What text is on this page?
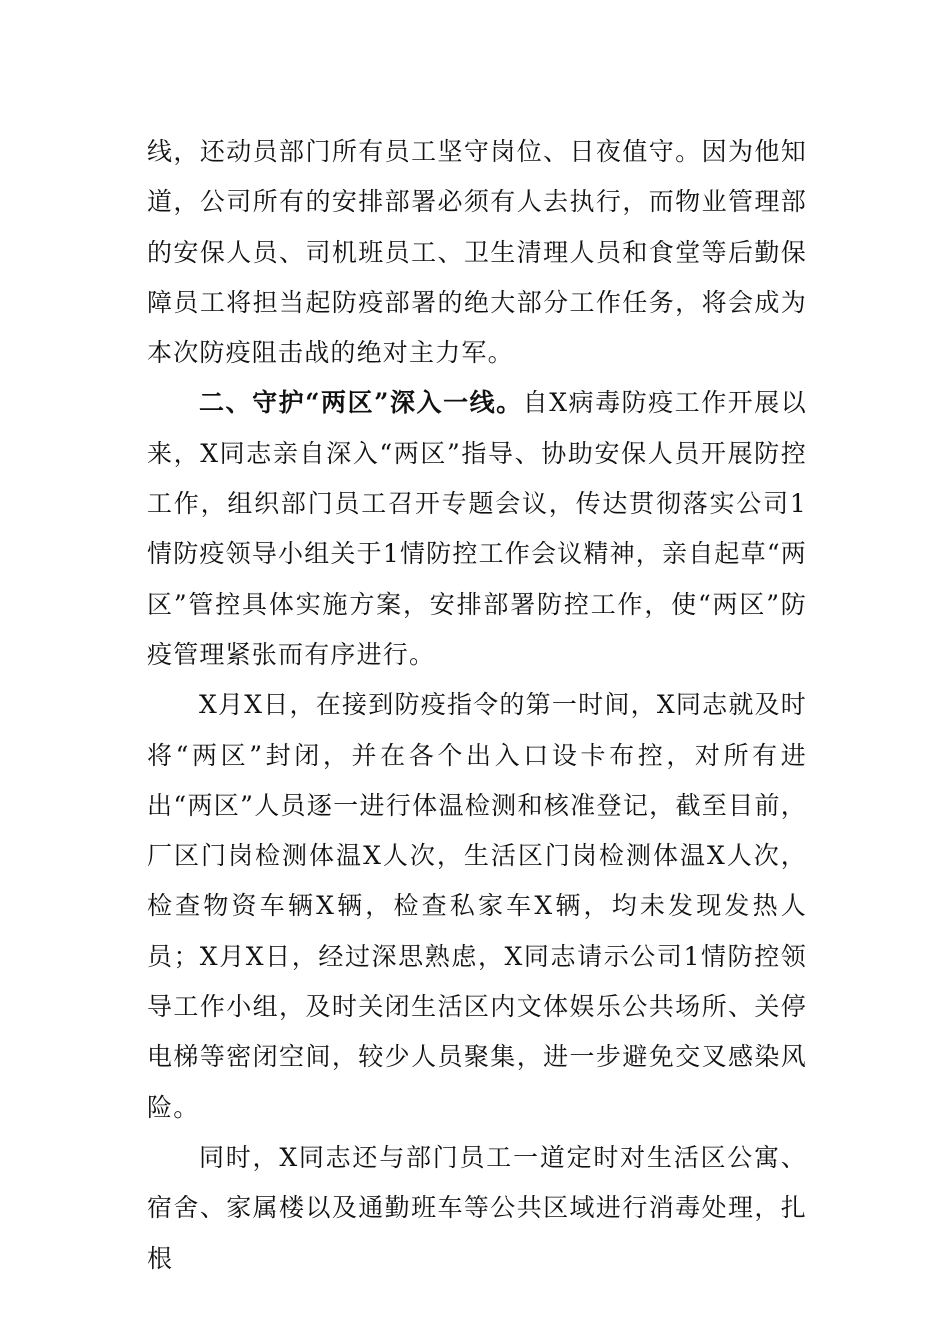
线，还动员部门所有员工坚守岗位、日夜值守。因为他知道，公司所有的安排部署必须有人去执行，而物业管理部的安保人员、司机班员工、卫生清理人员和食堂等后勤保障员工将担当起防疫部署的绝大部分工作任务，将会成为本次防疫阻击战的绝对主力军。

二、守护“两区”深入一线。自X病毒防疫工作开展以来，X同志亲自深入“两区”指导、协助安保人员开展防控工作，组织部门员工召开专题会议，传达贯彻落实公司1情防疫领导小组关于1情防控工作会议精神，亲自起草“两区”管控具体实施方案，安排部署防控工作，使“两区”防疫管理紧张而有序进行。

X月X日，在接到防疫指令的第一时间，X同志就及时将“两区”封闭，并在各个出入口设卡布控，对所有进出“两区”人员逐一进行体温检测和核准登记，截至目前，厂区门岗检测体温X人次，生活区门岗检测体温X人次，检查物资车辆X辆，检查私家车X辆，均未发现发热人员；X月X日，经过深思熟虑，X同志请示公司1情防控领导工作小组，及时关闭生活区内文体娱乐公共场所、关停电梯等密闭空间，较少人员聚集，进一步避免交叉感染风险。

同时，X同志还与部门员工一道定时对生活区公寓、宿舍、家属楼以及通勤班车等公共区域进行消毒处理，扎根
